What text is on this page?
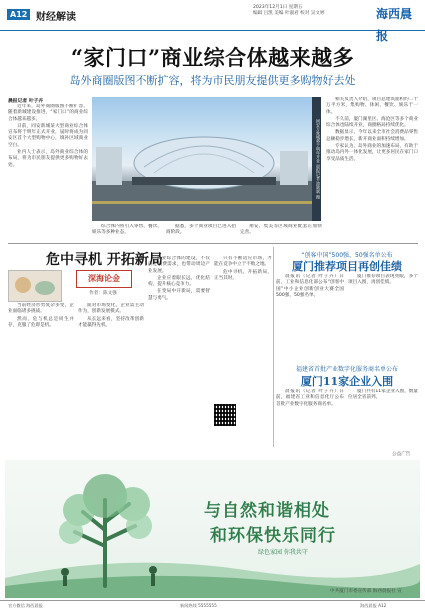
A12 财经解读
2023年12月1日 星期五
编辑 吕凯 美编 叶淑君 校对 吴文婷	海西晨报
“家门口”商业综合体越来越多
岛外商圈版图不断扩容，将为市民朋友提供更多购物好去处
晨报记者 叶子卉

近年来，岛外商圈版图不断扩容，随着新城建设推进，“家门口”的商业综合体越来越多。

日前，同安新城某大型商业综合体宣布将于明年正式开业，届时将成为同安区首个大型购物中心，填补区域商业空白。

业内人士表示，岛外商业综合体的布局，将为市民朋友提供更多购物好去处。	同安万象城将于明年开业 晨报记者 游斌斌 摄

相关负责人介绍，项目总建筑面积约二十万平方米，集购物、休闲、餐饮、娱乐于一体。

不久前，厦门湖里区、海沧区等多个商业综合体也陆续开业，商圈格局持续优化。

数据显示，今年以来全市社会消费品零售总额稳步增长，新开商业面积持续增加。

专家认为，岛外商业的加速布局，有助于推动岛内外一体化发展，让更多居民在家门口享受品质生活。

综合体内将引入零售、餐饮、娱乐等多种业态。

据悉，多个商业项目已进入招商阶段。

翔安、集美等区域商业配套正加快完善。

危中寻机 开拓新局
深海论金
作者：陈文强

当前经济形势复杂多变，企业面临诸多挑战。

然而，危与机总是同生并存，克服了危即是机。

面对市场变化，企业需主动作为，创新发展模式。

从长远来看，坚持改革创新才能赢得先机。

商业综合体的建设，不仅满足消费需求，也带动周边产业发展。

企业应着眼长远，优化结构，提升核心竞争力。

在变局中开新局，需要智慧与勇气。

只有不断适应市场，才能在竞争中立于不败之地。

危中寻机，开拓新局，正当其时。

“创客中国”500强、50强名单公布
厦门推荐项目再创佳绩

晨报讯（记者 叶子卉）日前，工业和信息化部公布“创客中国”中小企业创新创业大赛全国500强、50强名单。

厦门推荐项目表现亮眼，多个项目入围，再创佳绩。

福建省首批产业数字化服务商名单公布
厦门11家企业入围

晨报讯（记者 叶子卉）日前，福建省工业和信息化厅公布首批产业数字化服务商名单。

厦门共有11家企业入围，数量位居全省前列。

公益广告
与自然和谐相处
和环保快乐同行
绿色家园 你我共守
中共厦门市委宣传部 海西晨报社 宣
官方微信 海西晨报	新闻热线 5555555	海西晨报 A12
